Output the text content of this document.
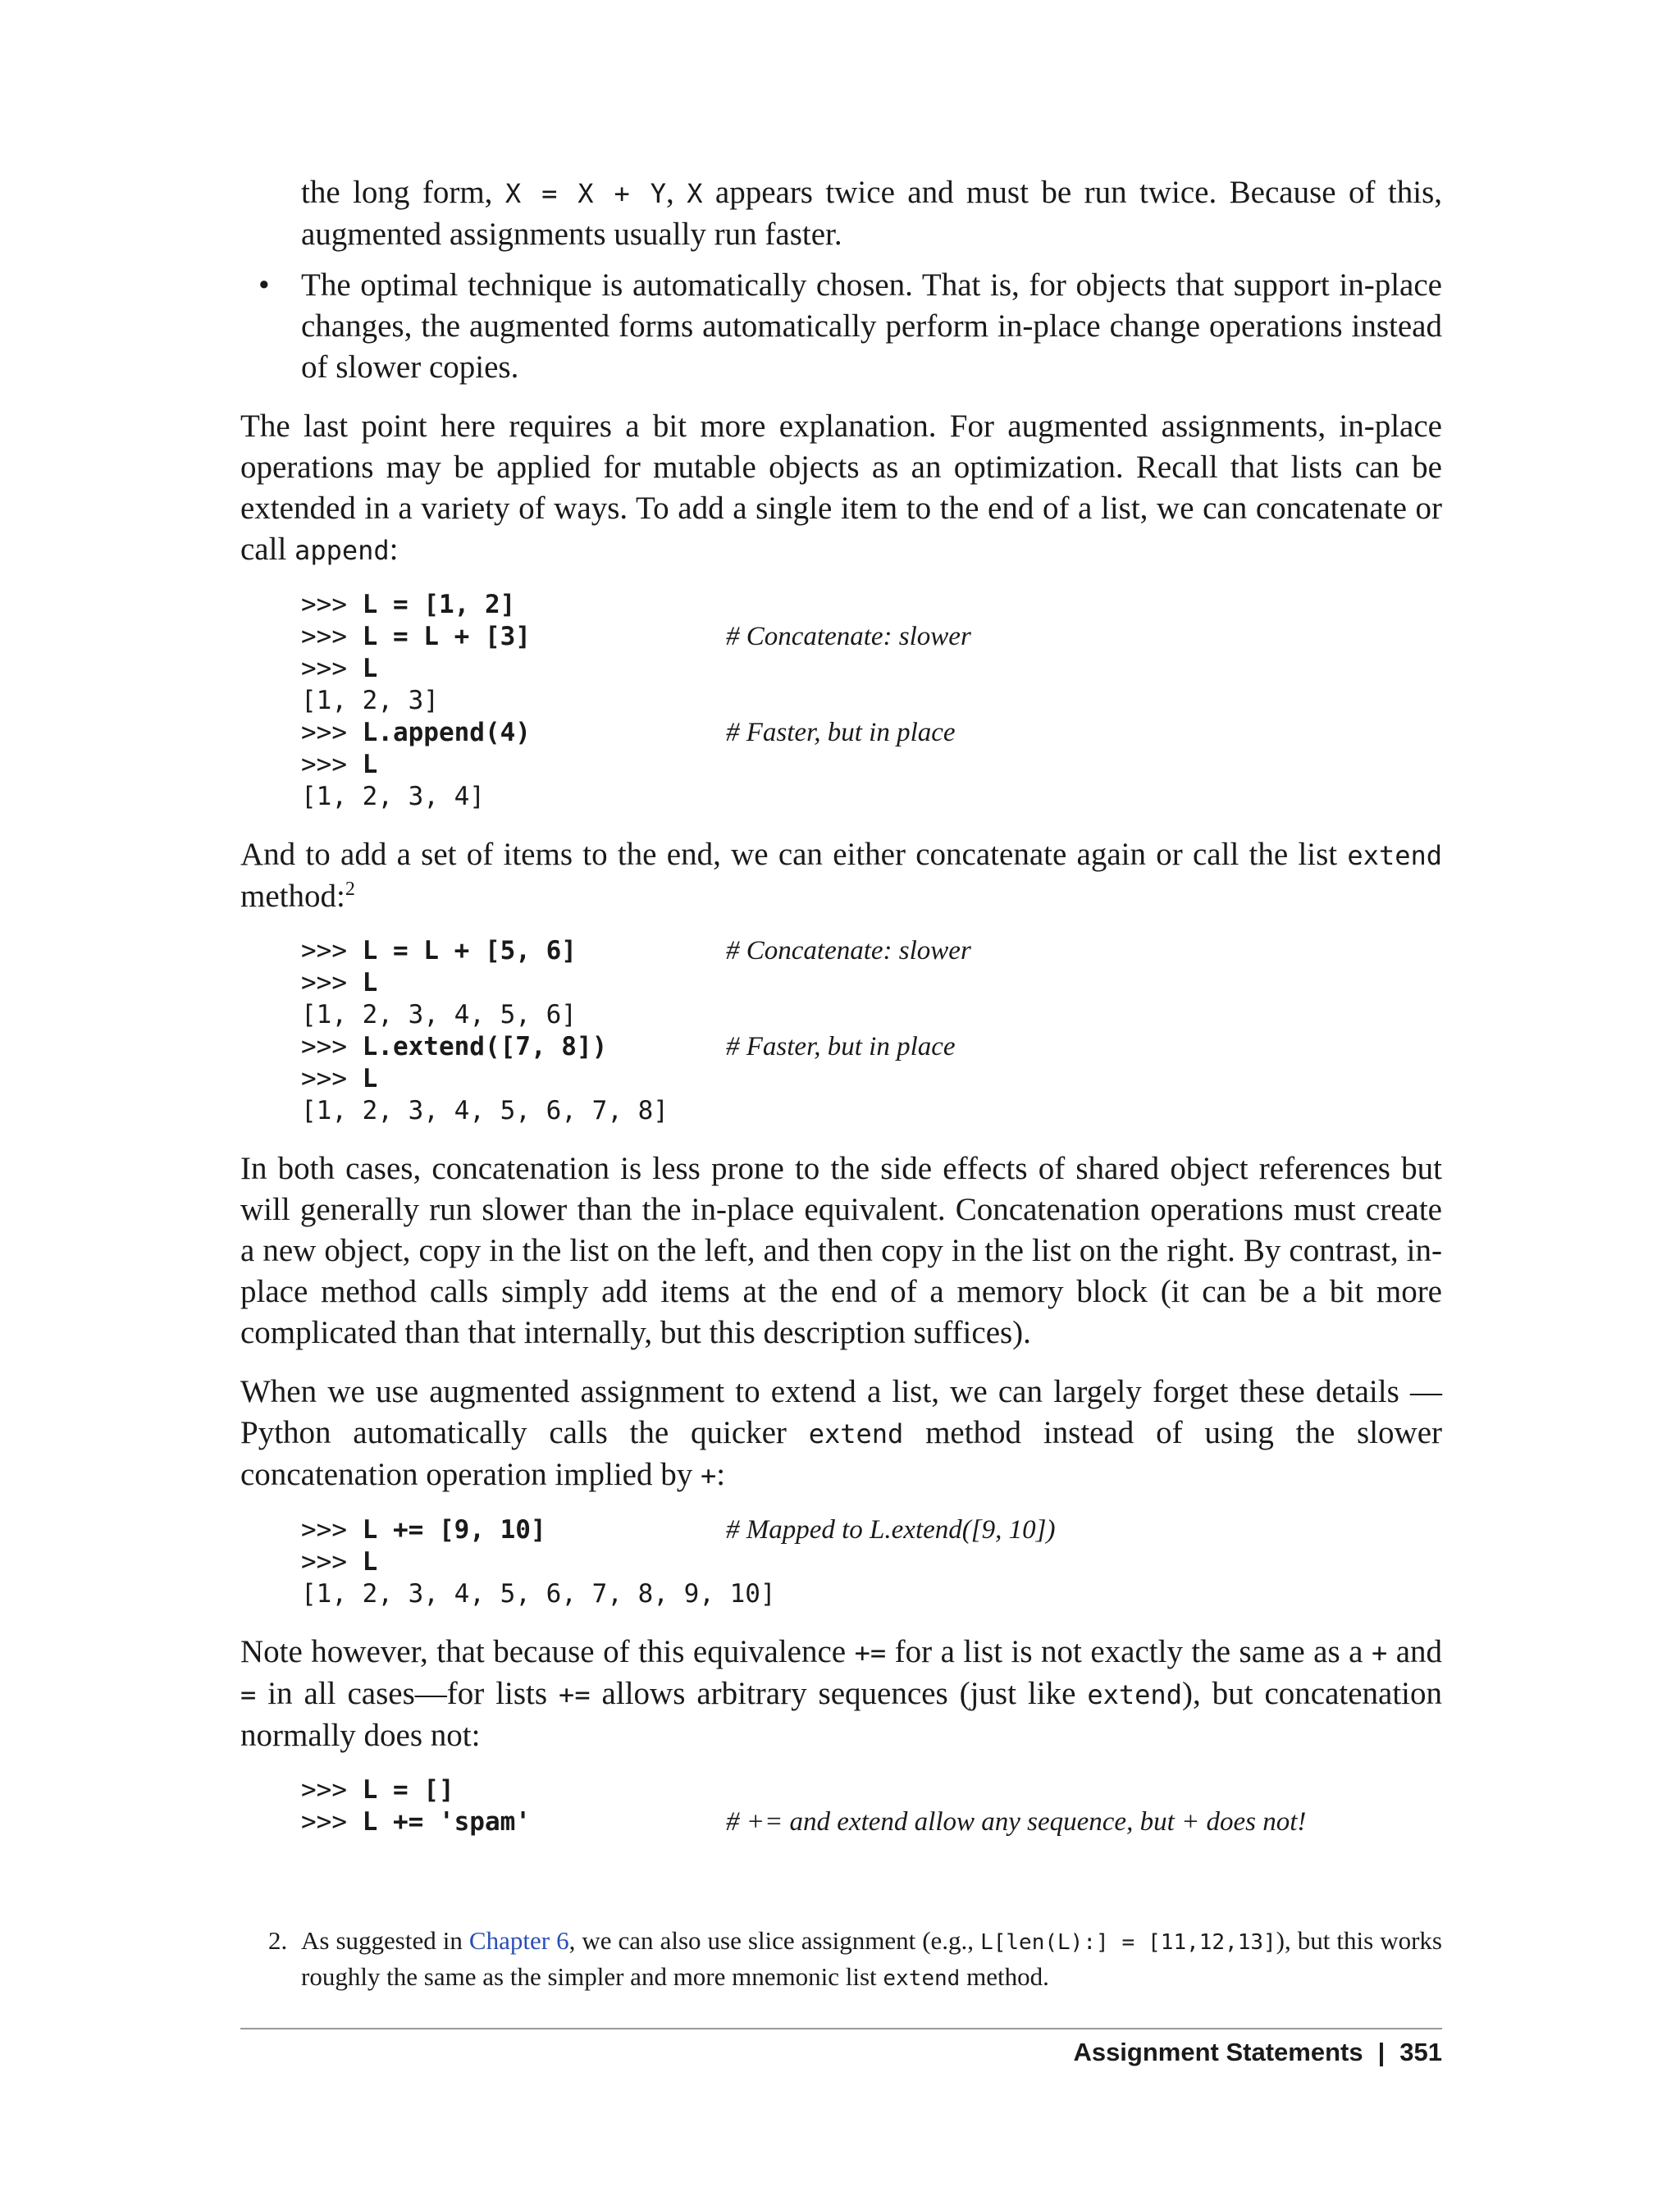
the long form, X = X + Y, X appears twice and must be run twice. Because of this, augmented assignments usually run faster.

• The optimal technique is automatically chosen. That is, for objects that support in-place changes, the augmented forms automatically perform in-place change operations instead of slower copies.

The last point here requires a bit more explanation. For augmented assignments, in-place operations may be applied for mutable objects as an optimization. Recall that lists can be extended in a variety of ways. To add a single item to the end of a list, we can concatenate or call append:

>>> L = [1, 2]
>>> L = L + [3]	# Concatenate: slower
>>> L
[1, 2, 3]
>>> L.append(4)	# Faster, but in place
>>> L
[1, 2, 3, 4]

And to add a set of items to the end, we can either concatenate again or call the list extend method:$^2$

>>> L = L + [5, 6]	# Concatenate: slower
>>> L
[1, 2, 3, 4, 5, 6]
>>> L.extend([7, 8])	# Faster, but in place
>>> L
[1, 2, 3, 4, 5, 6, 7, 8]

In both cases, concatenation is less prone to the side effects of shared object references but will generally run slower than the in-place equivalent. Concatenation operations must create a new object, copy in the list on the left, and then copy in the list on the right. By contrast, in-place method calls simply add items at the end of a memory block (it can be a bit more complicated than that internally, but this description suffices).

When we use augmented assignment to extend a list, we can largely forget these details —Python automatically calls the quicker extend method instead of using the slower concatenation operation implied by +:

>>> L += [9, 10]	# Mapped to L.extend([9, 10])
>>> L
[1, 2, 3, 4, 5, 6, 7, 8, 9, 10]

Note however, that because of this equivalence += for a list is not exactly the same as a + and = in all cases—for lists += allows arbitrary sequences (just like extend), but concatenation normally does not:

>>> L = []
>>> L += 'spam'	# += and extend allow any sequence, but + does not!

2. As suggested in Chapter 6, we can also use slice assignment (e.g., L[len(L):] = [11,12,13]), but this works roughly the same as the simpler and more mnemonic list extend method.

Assignment Statements | 351
